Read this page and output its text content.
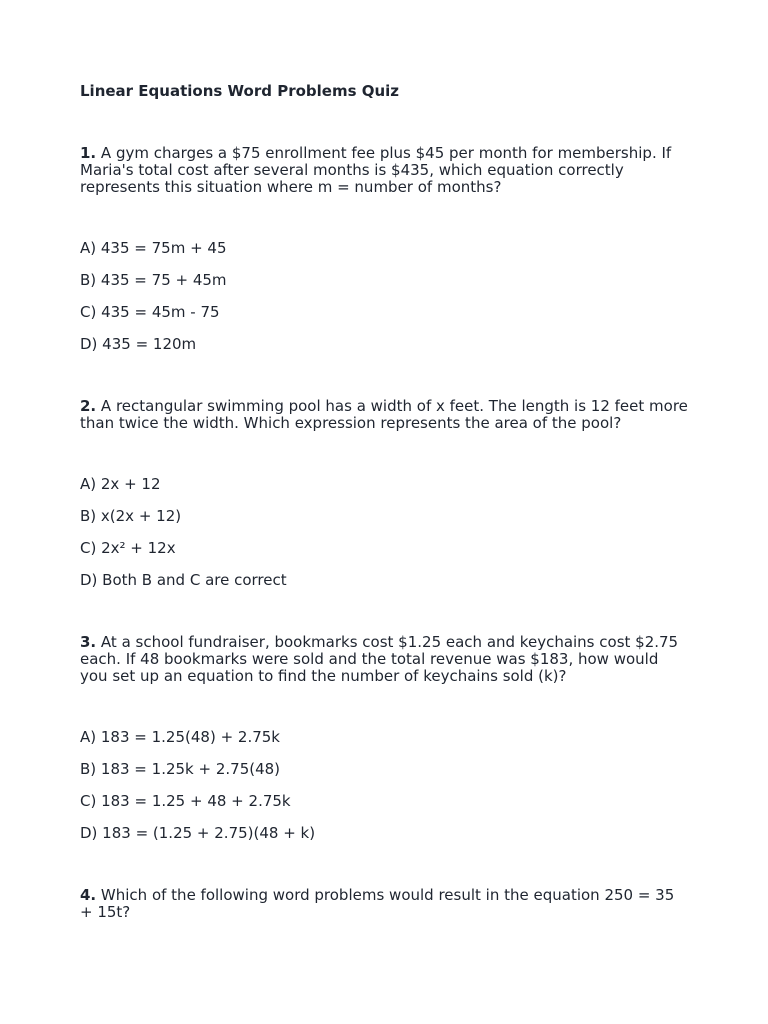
Linear Equations Word Problems Quiz

1. A gym charges a $75 enrollment fee plus $45 per month for membership. If Maria's total cost after several months is $435, which equation correctly represents this situation where m = number of months?

A) 435 = 75m + 45

B) 435 = 75 + 45m

C) 435 = 45m - 75

D) 435 = 120m

2. A rectangular swimming pool has a width of x feet. The length is 12 feet more than twice the width. Which expression represents the area of the pool?

A) 2x + 12

B) x(2x + 12)

C) 2x² + 12x

D) Both B and C are correct

3. At a school fundraiser, bookmarks cost $1.25 each and keychains cost $2.75 each. If 48 bookmarks were sold and the total revenue was $183, how would you set up an equation to find the number of keychains sold (k)?

A) 183 = 1.25(48) + 2.75k

B) 183 = 1.25k + 2.75(48)

C) 183 = 1.25 + 48 + 2.75k

D) 183 = (1.25 + 2.75)(48 + k)

4. Which of the following word problems would result in the equation 250 = 35 + 15t?
